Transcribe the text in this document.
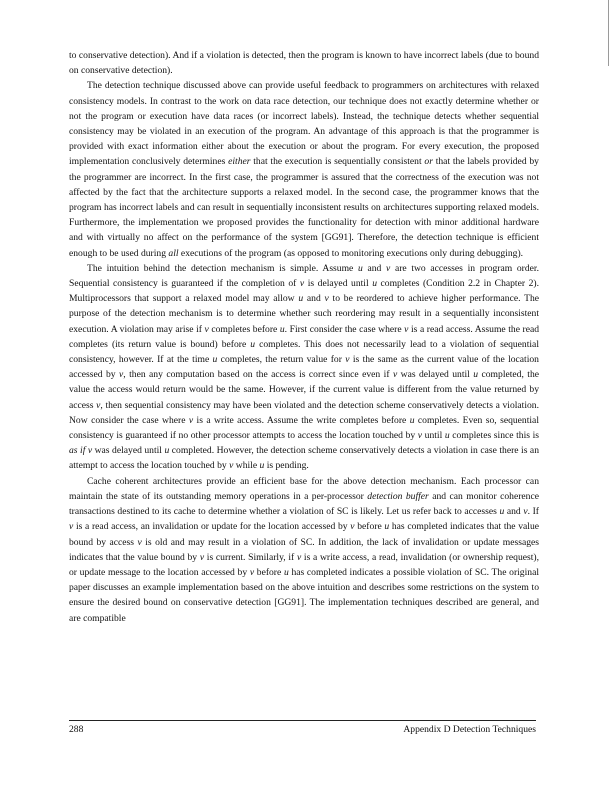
to conservative detection). And if a violation is detected, then the program is known to have incorrect labels (due to bound on conservative detection).

The detection technique discussed above can provide useful feedback to programmers on architectures with relaxed consistency models. In contrast to the work on data race detection, our technique does not exactly determine whether or not the program or execution have data races (or incorrect labels). Instead, the technique detects whether sequential consistency may be violated in an execution of the program. An advantage of this approach is that the programmer is provided with exact information either about the execution or about the program. For every execution, the proposed implementation conclusively determines either that the execution is sequentially consistent or that the labels provided by the programmer are incorrect. In the first case, the programmer is assured that the correctness of the execution was not affected by the fact that the architecture supports a relaxed model. In the second case, the programmer knows that the program has incorrect labels and can result in sequentially inconsistent results on architectures supporting relaxed models. Furthermore, the implementation we proposed provides the functionality for detection with minor additional hardware and with virtually no affect on the performance of the system [GG91]. Therefore, the detection technique is efficient enough to be used during all executions of the program (as opposed to monitoring executions only during debugging).

The intuition behind the detection mechanism is simple. Assume u and v are two accesses in program order. Sequential consistency is guaranteed if the completion of v is delayed until u completes (Condition 2.2 in Chapter 2). Multiprocessors that support a relaxed model may allow u and v to be reordered to achieve higher performance. The purpose of the detection mechanism is to determine whether such reordering may result in a sequentially inconsistent execution. A violation may arise if v completes before u. First consider the case where v is a read access. Assume the read completes (its return value is bound) before u completes. This does not necessarily lead to a violation of sequential consistency, however. If at the time u completes, the return value for v is the same as the current value of the location accessed by v, then any computation based on the access is correct since even if v was delayed until u completed, the value the access would return would be the same. However, if the current value is different from the value returned by access v, then sequential consistency may have been violated and the detection scheme conservatively detects a violation. Now consider the case where v is a write access. Assume the write completes before u completes. Even so, sequential consistency is guaranteed if no other processor attempts to access the location touched by v until u completes since this is as if v was delayed until u completed. However, the detection scheme conservatively detects a violation in case there is an attempt to access the location touched by v while u is pending.

Cache coherent architectures provide an efficient base for the above detection mechanism. Each processor can maintain the state of its outstanding memory operations in a per-processor detection buffer and can monitor coherence transactions destined to its cache to determine whether a violation of SC is likely. Let us refer back to accesses u and v. If v is a read access, an invalidation or update for the location accessed by v before u has completed indicates that the value bound by access v is old and may result in a violation of SC. In addition, the lack of invalidation or update messages indicates that the value bound by v is current. Similarly, if v is a write access, a read, invalidation (or ownership request), or update message to the location accessed by v before u has completed indicates a possible violation of SC. The original paper discusses an example implementation based on the above intuition and describes some restrictions on the system to ensure the desired bound on conservative detection [GG91]. The implementation techniques described are general, and are compatible

288	Appendix D Detection Techniques
